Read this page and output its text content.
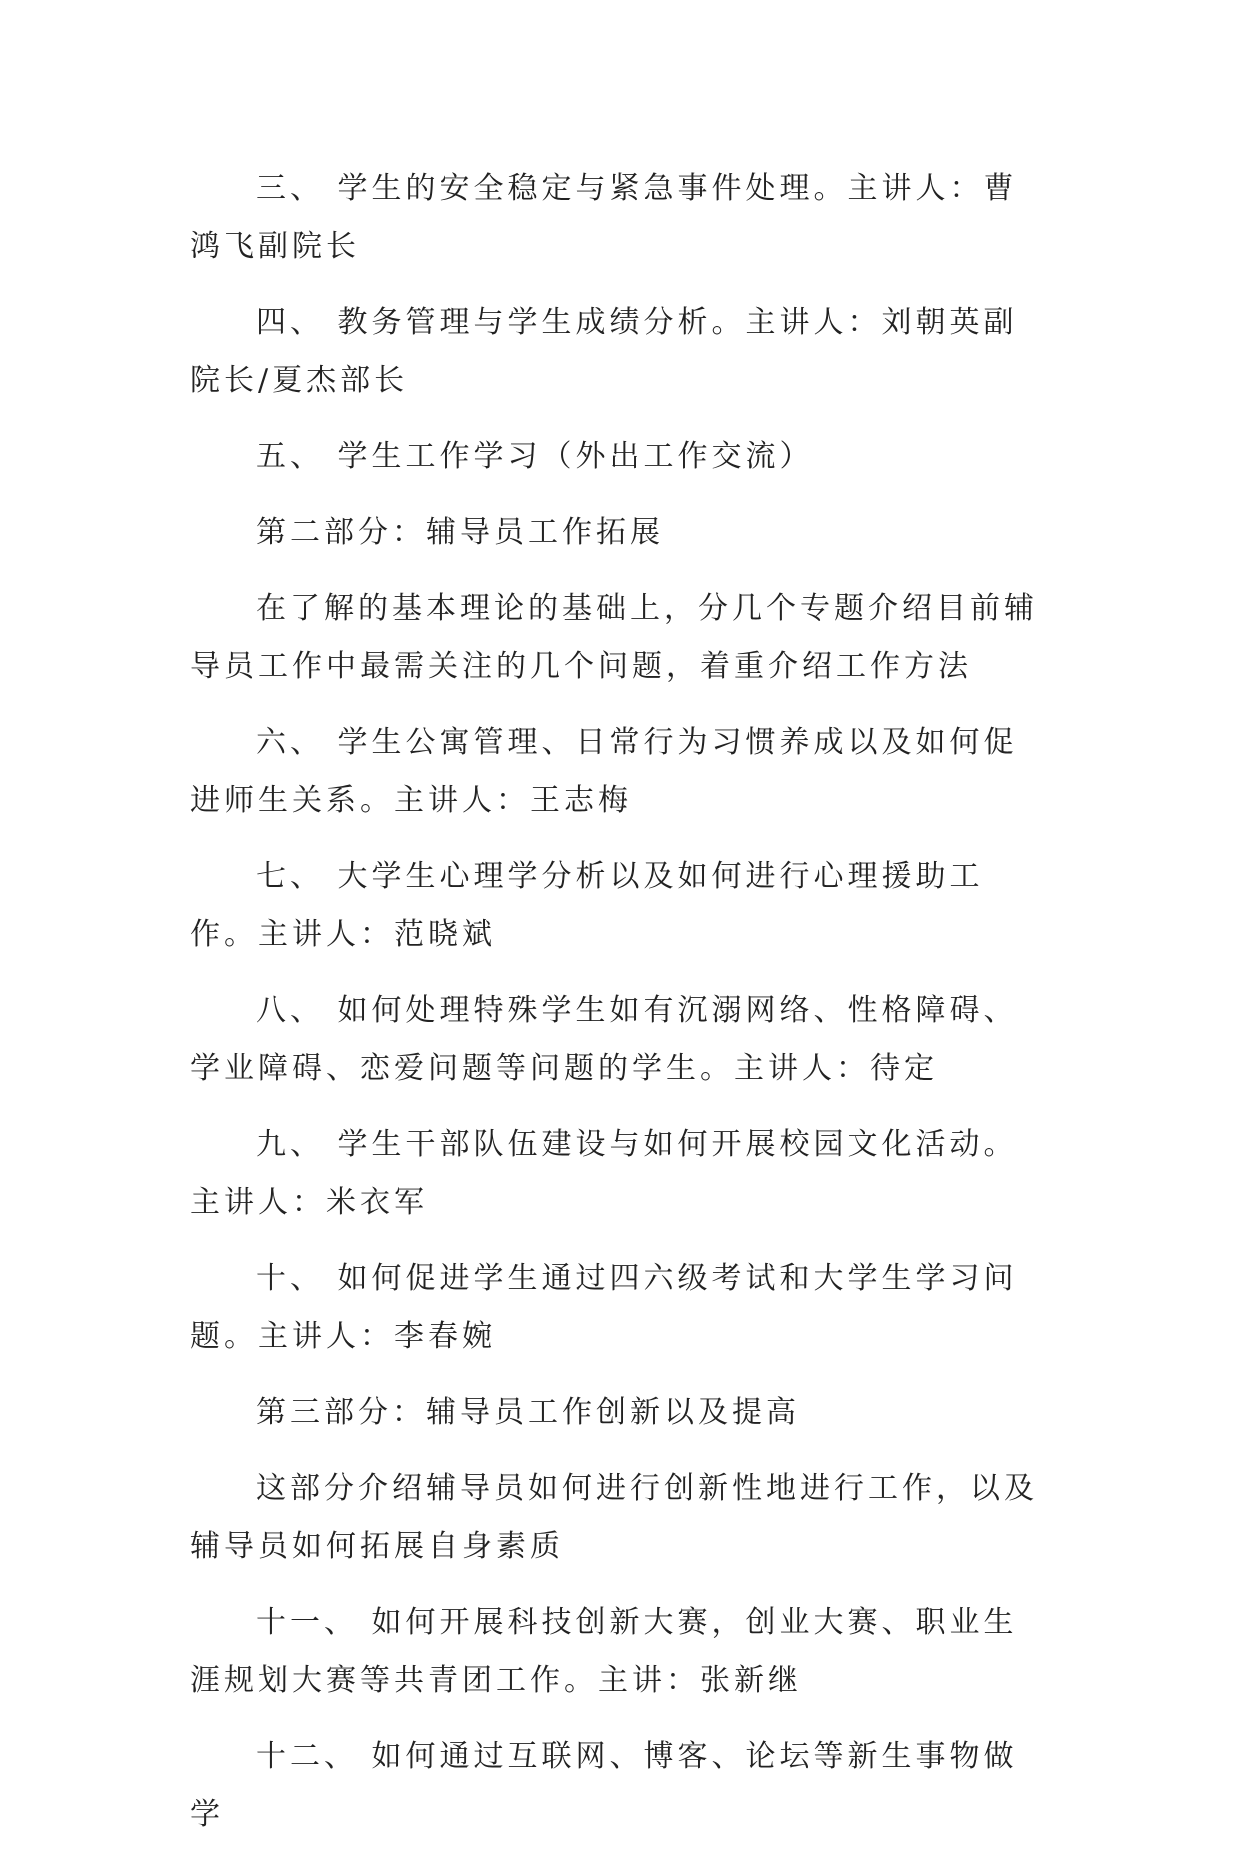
三、 学生的安全稳定与紧急事件处理。主讲人：曹鸿飞副院长

四、 教务管理与学生成绩分析。主讲人：刘朝英副院长/夏杰部长

五、 学生工作学习（外出工作交流）

第二部分：辅导员工作拓展

在了解的基本理论的基础上，分几个专题介绍目前辅导员工作中最需关注的几个问题，着重介绍工作方法

六、 学生公寓管理、日常行为习惯养成以及如何促进师生关系。主讲人：王志梅

七、 大学生心理学分析以及如何进行心理援助工作。主讲人：范晓斌

八、 如何处理特殊学生如有沉溺网络、性格障碍、学业障碍、恋爱问题等问题的学生。主讲人：待定

九、 学生干部队伍建设与如何开展校园文化活动。主讲人：米衣军

十、 如何促进学生通过四六级考试和大学生学习问题。主讲人：李春婉

第三部分：辅导员工作创新以及提高

这部分介绍辅导员如何进行创新性地进行工作，以及辅导员如何拓展自身素质

十一、 如何开展科技创新大赛，创业大赛、职业生涯规划大赛等共青团工作。主讲：张新继

十二、 如何通过互联网、博客、论坛等新生事物做学
